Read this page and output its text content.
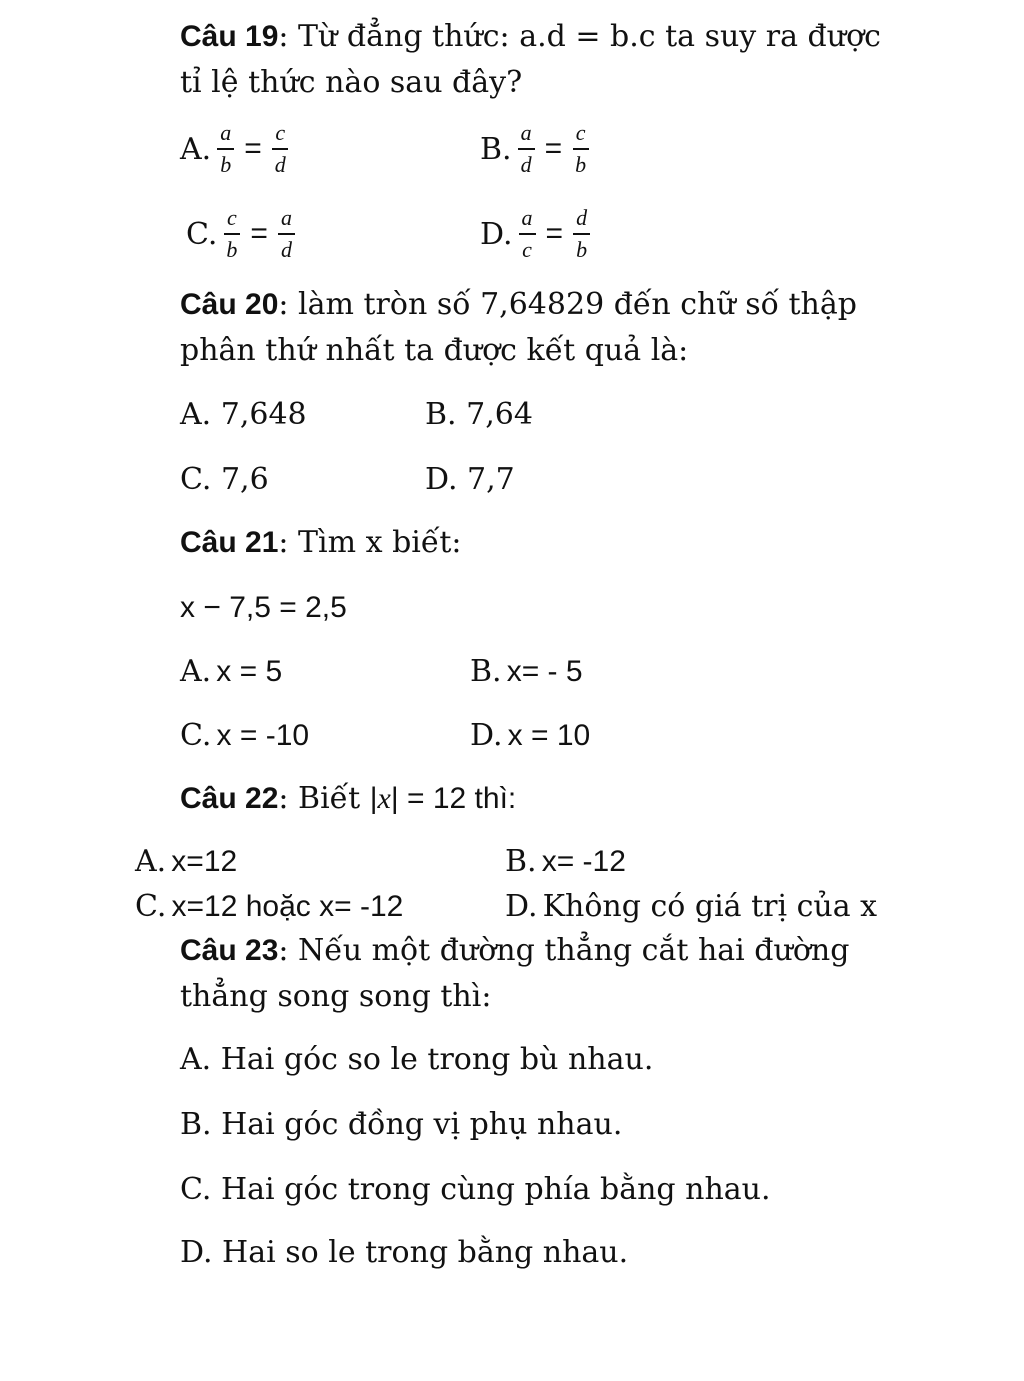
Câu 19: Từ đẳng thức: a.d = b.c ta suy ra được
tỉ lệ thức nào sau đây?
A. $\frac{a}{b} = \frac{c}{d}$	B. $\frac{a}{d} = \frac{c}{b}$
C. $\frac{c}{b} = \frac{a}{d}$	D. $\frac{a}{c} = \frac{d}{b}$
Câu 20: làm tròn số 7,64829 đến chữ số thập
phân thứ nhất ta được kết quả là:
A. 7,648	B. 7,64
C. 7,6	D. 7,7
Câu 21: Tìm x biết:
x − 7,5 = 2,5
A. x = 5	B. x= - 5
C. x = -10	D. x = 10
Câu 22: Biết |x| = 12 thì:
A. x=12	B. x= -12
C. x=12 hoặc x= -12	D. Không có giá trị của x
Câu 23: Nếu một đường thẳng cắt hai đường
thẳng song song thì:
A. Hai góc so le trong bù nhau.
B. Hai góc đồng vị phụ nhau.
C. Hai góc trong cùng phía bằng nhau.
D. Hai so le trong bằng nhau.
